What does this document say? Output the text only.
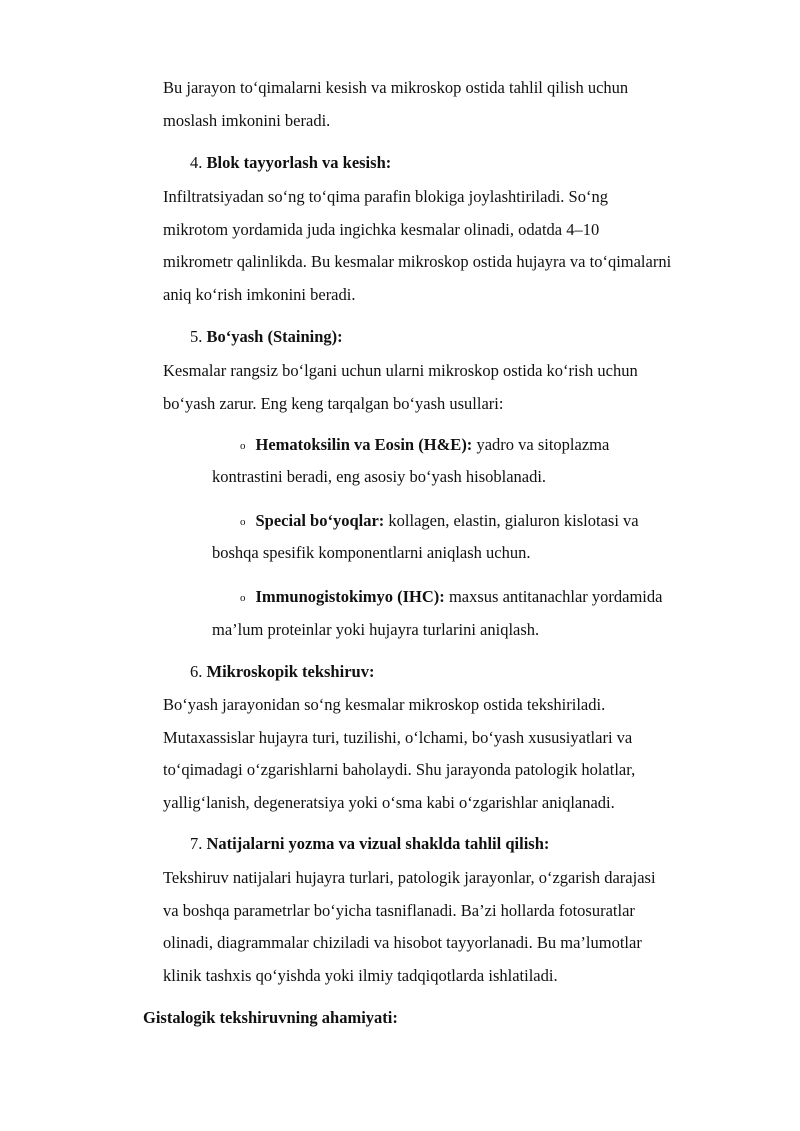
Bu jarayon to‘qimalarni kesish va mikroskop ostida tahlil qilish uchun
moslash imkonini beradi.
4. Blok tayyorlash va kesish:
Infiltratsiyadan so‘ng to‘qima parafin blokiga joylashtiriladi. So‘ng
mikrotom yordamida juda ingichka kesmalar olinadi, odatda 4–10
mikrometr qalinlikda. Bu kesmalar mikroskop ostida hujayra va to‘qimalarni
aniq ko‘rish imkonini beradi.
5. Bo‘yash (Staining):
Kesmalar rangsiz bo‘lgani uchun ularni mikroskop ostida ko‘rish uchun
bo‘yash zarur. Eng keng tarqalgan bo‘yash usullari:
o Hematoksilin va Eosin (H&E): yadro va sitoplazma
kontrastini beradi, eng asosiy bo‘yash hisoblanadi.
o Special bo‘yoqlar: kollagen, elastin, gialuron kislotasi va
boshqa spesifik komponentlarni aniqlash uchun.
o Immunogistokimyo (IHC): maxsus antitanachlar yordamida
ma’lum proteinlar yoki hujayra turlarini aniqlash.
6. Mikroskopik tekshiruv:
Bo‘yash jarayonidan so‘ng kesmalar mikroskop ostida tekshiriladi.
Mutaxassislar hujayra turi, tuzilishi, o‘lchami, bo‘yash xususiyatlari va
to‘qimadagi o‘zgarishlarni baholaydi. Shu jarayonda patologik holatlar,
yallig‘lanish, degeneratsiya yoki o‘sma kabi o‘zgarishlar aniqlanadi.
7. Natijalarni yozma va vizual shaklda tahlil qilish:
Tekshiruv natijalari hujayra turlari, patologik jarayonlar, o‘zgarish darajasi
va boshqa parametrlar bo‘yicha tasniflanadi. Ba’zi hollarda fotosuratlar
olinadi, diagrammalar chiziladi va hisobot tayyorlanadi. Bu ma’lumotlar
klinik tashxis qo‘yishda yoki ilmiy tadqiqotlarda ishlatiladi.
Gistalogik tekshiruvning ahamiyati:
